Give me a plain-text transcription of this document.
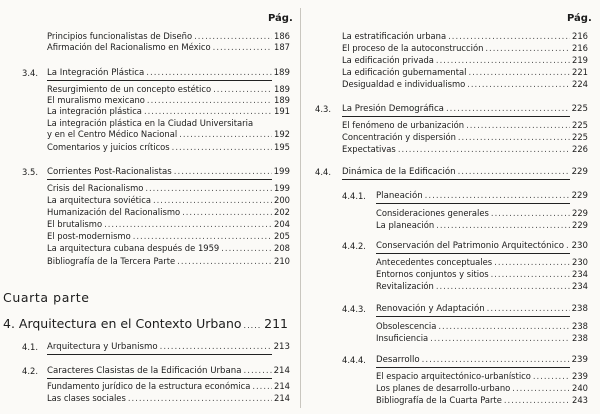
Pág.	Pág.
Principios funcionalistas de Diseño .....	186
Afirmación del Racionalismo en México .....	187
3.4. La Integración Plástica .....	189
Resurgimiento de un concepto estético .....	189
El muralismo mexicano .....	189
La integración plástica .....	191
La integración plástica en la Ciudad Universitaria
y en el Centro Médico Nacional .....	192
Comentarios y juicios críticos .....	195
3.5. Corrientes Post-Racionalistas .....	199
Crisis del Racionalismo .....	199
La arquitectura soviética .....	200
Humanización del Racionalismo .....	202
El brutalismo .....	204
El post-modernismo .....	205
La arquitectura cubana después de 1959 .....	208
Bibliografía de la Tercera Parte .....	210
Cuarta parte
4. Arquitectura en el Contexto Urbano ..... 211
4.1. Arquitectura y Urbanismo .....	213
4.2. Caracteres Clasistas de la Edificación Urbana .....	214
Fundamento jurídico de la estructura económica .....	214
Las clases sociales .....	214
La estratificación urbana .....	216
El proceso de la autoconstrucción .....	216
La edificación privada .....	219
La edificación gubernamental .....	221
Desigualdad e individualismo .....	224
4.3. La Presión Demográfica .....	225
El fenómeno de urbanización .....	225
Concentración y dispersión .....	225
Expectativas .....	226
4.4. Dinámica de la Edificación .....	229
4.4.1. Planeación .....	229
Consideraciones generales .....	229
La planeación .....	229
4.4.2. Conservación del Patrimonio Arquitectónico ..... 230
Antecedentes conceptuales .....	230
Entornos conjuntos y sitios .....	234
Revitalización .....	234
4.4.3. Renovación y Adaptación .....	238
Obsolescencia .....	238
Insuficiencia .....	238
4.4.4. Desarrollo .....	239
El espacio arquitectónico-urbanístico .....	239
Los planes de desarrollo-urbano .....	240
Bibliografía de la Cuarta Parte .....	243
